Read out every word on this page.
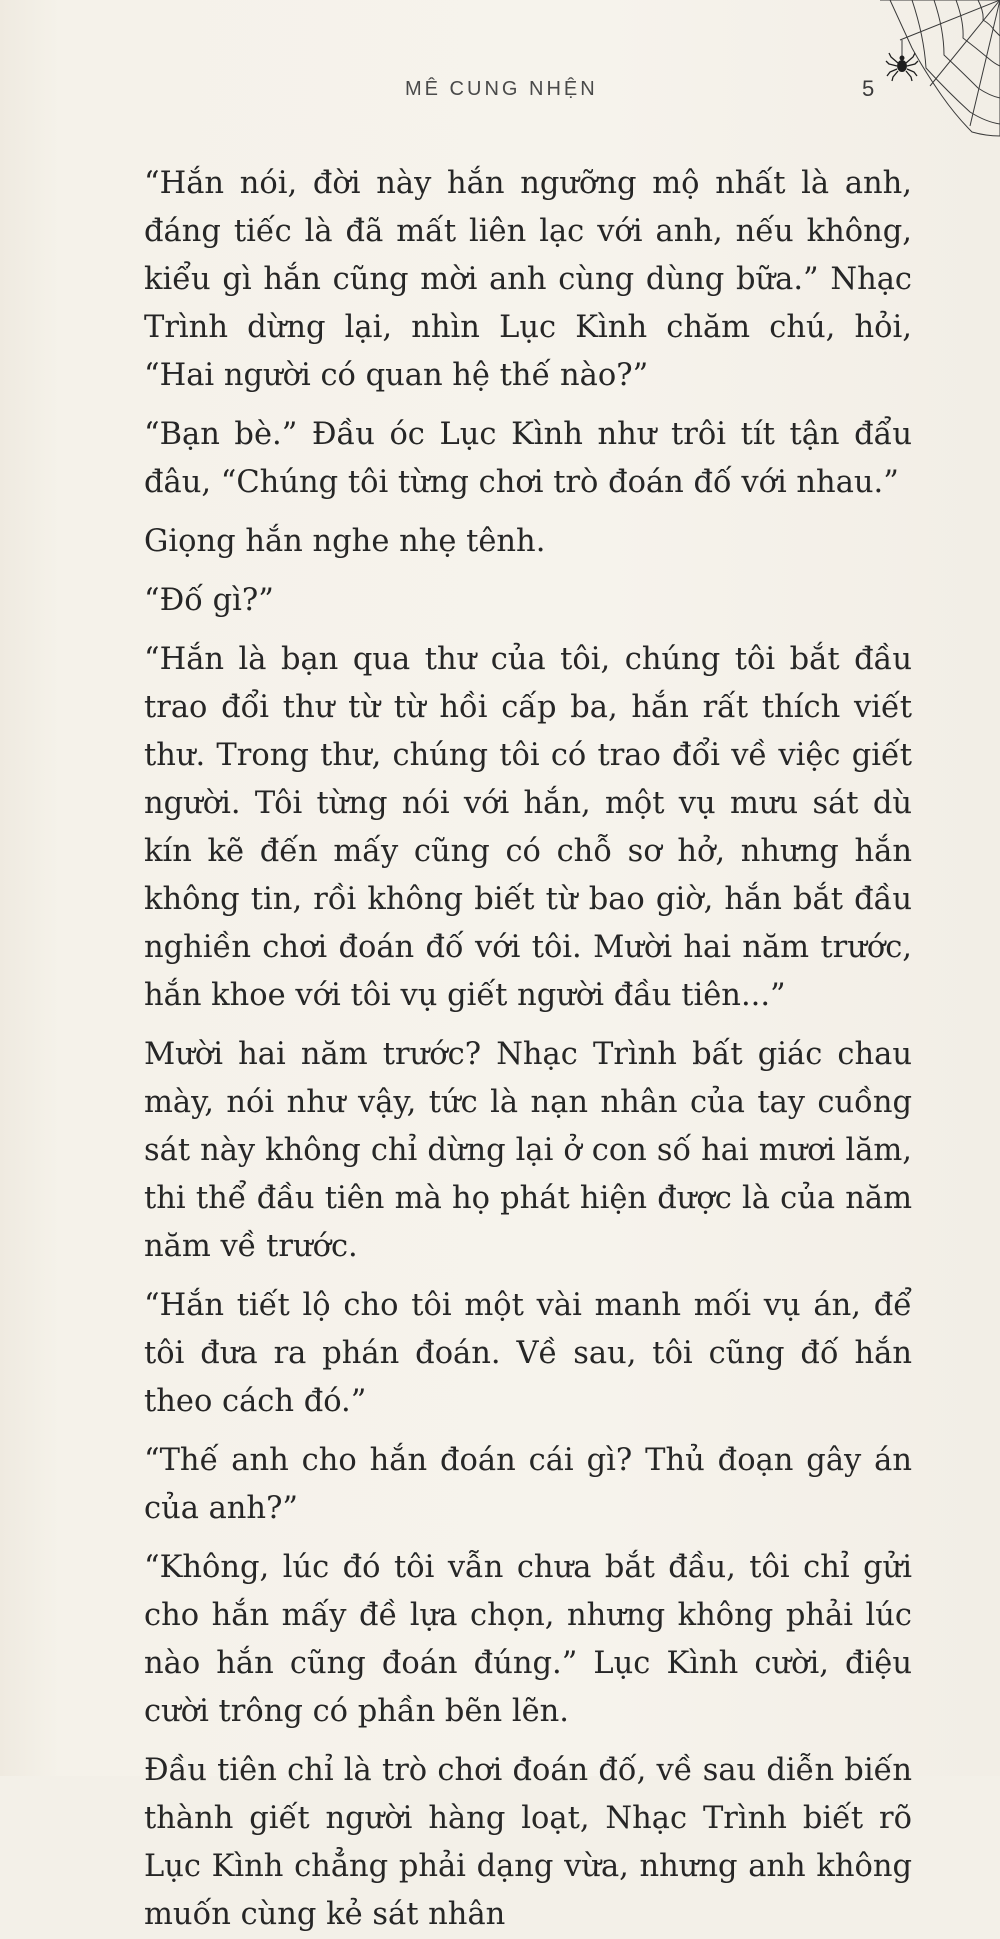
MÊ CUNG NHỆN	5

“Hắn nói, đời này hắn ngưỡng mộ nhất là anh, đáng tiếc là đã mất liên lạc với anh, nếu không, kiểu gì hắn cũng mời anh cùng dùng bữa.” Nhạc Trình dừng lại, nhìn Lục Kình chăm chú, hỏi, “Hai người có quan hệ thế nào?”

“Bạn bè.” Đầu óc Lục Kình như trôi tít tận đẩu đâu, “Chúng tôi từng chơi trò đoán đố với nhau.”

Giọng hắn nghe nhẹ tênh.

“Đố gì?”

“Hắn là bạn qua thư của tôi, chúng tôi bắt đầu trao đổi thư từ từ hồi cấp ba, hắn rất thích viết thư. Trong thư, chúng tôi có trao đổi về việc giết người. Tôi từng nói với hắn, một vụ mưu sát dù kín kẽ đến mấy cũng có chỗ sơ hở, nhưng hắn không tin, rồi không biết từ bao giờ, hắn bắt đầu nghiền chơi đoán đố với tôi. Mười hai năm trước, hắn khoe với tôi vụ giết người đầu tiên...”

Mười hai năm trước? Nhạc Trình bất giác chau mày, nói như vậy, tức là nạn nhân của tay cuồng sát này không chỉ dừng lại ở con số hai mươi lăm, thi thể đầu tiên mà họ phát hiện được là của năm năm về trước.

“Hắn tiết lộ cho tôi một vài manh mối vụ án, để tôi đưa ra phán đoán. Về sau, tôi cũng đố hắn theo cách đó.”

“Thế anh cho hắn đoán cái gì? Thủ đoạn gây án của anh?”

“Không, lúc đó tôi vẫn chưa bắt đầu, tôi chỉ gửi cho hắn mấy đề lựa chọn, nhưng không phải lúc nào hắn cũng đoán đúng.” Lục Kình cười, điệu cười trông có phần bẽn lẽn.

Đầu tiên chỉ là trò chơi đoán đố, về sau diễn biến thành giết người hàng loạt, Nhạc Trình biết rõ Lục Kình chẳng phải dạng vừa, nhưng anh không muốn cùng kẻ sát nhân
